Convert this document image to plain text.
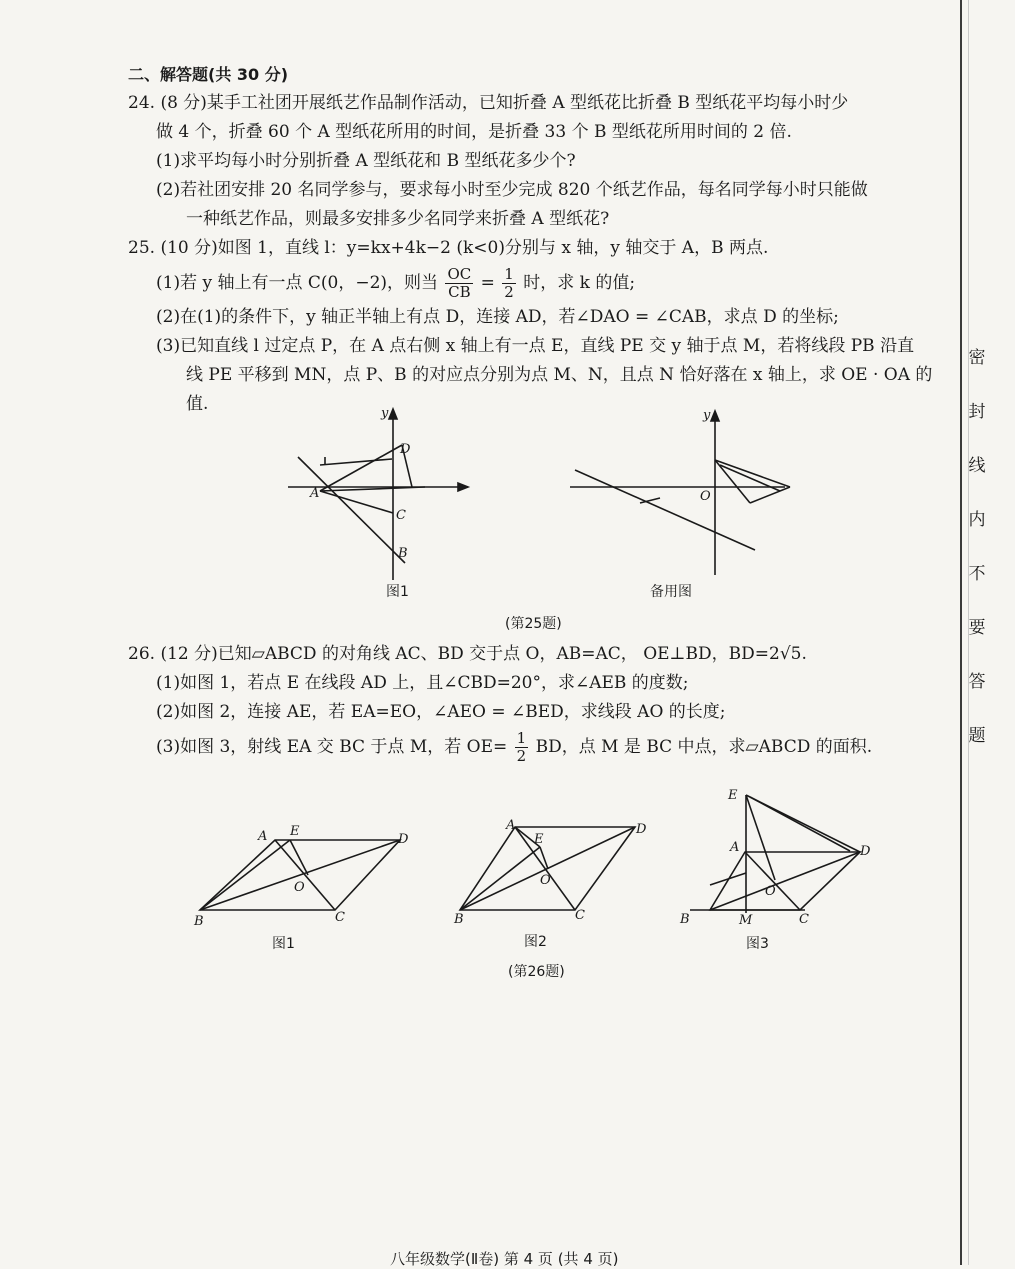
密
封
线
内
不
要
答
题
二、解答题(共 30 分)
24. (8 分)某手工社团开展纸艺作品制作活动，已知折叠 A 型纸花比折叠 B 型纸花平均每小时少
做 4 个，折叠 60 个 A 型纸花所用的时间，是折叠 33 个 B 型纸花所用时间的 2 倍.
(1)求平均每小时分别折叠 A 型纸花和 B 型纸花多少个?
(2)若社团安排 20 名同学参与，要求每小时至少完成 820 个纸艺作品，每名同学每小时只能做
一种纸艺作品，则最多安排多少名同学来折叠 A 型纸花?
25. (10 分)如图 1，直线 l：y=kx+4k−2 (k<0)分别与 x 轴，y 轴交于 A，B 两点.
(1)若 y 轴上有一点 C(0，−2)，则当 $\frac{OC}{CB} = \frac{1}{2}$ 时，求 k 的值;
(2)在(1)的条件下，y 轴正半轴上有点 D，连接 AD，若∠DAO = ∠CAB，求点 D 的坐标;
(3)已知直线 l 过定点 P，在 A 点右侧 x 轴上有一点 E，直线 PE 交 y 轴于点 M，若将线段 PB 沿直
线 PE 平移到 MN，点 P、B 的对应点分别为点 M、N，且点 N 恰好落在 x 轴上，求 OE · OA 的值.	y
D
A
C
B
y
O
图1	备用图
(第25题)
26. (12 分)已知▱ABCD 的对角线 AC、BD 交于点 O，AB=AC， OE⊥BD，BD=2√5.
(1)如图 1，若点 E 在线段 AD 上，且∠CBD=20°，求∠AEB 的度数;
(2)如图 2，连接 AE，若 EA=EO，∠AEO = ∠BED，求线段 AO 的长度;
(3)如图 3，射线 EA 交 BC 于点 M，若 $OE= \frac{1}{2}$ BD，点 M 是 BC 中点，求▱ABCD 的面积.
A E
D
O
B	C
A
E
D
O
B	C
E
A	D
O
B	M	C
图1	图2	图3
(第26题)
八年级数学(Ⅱ卷) 第 4 页 (共 4 页)
